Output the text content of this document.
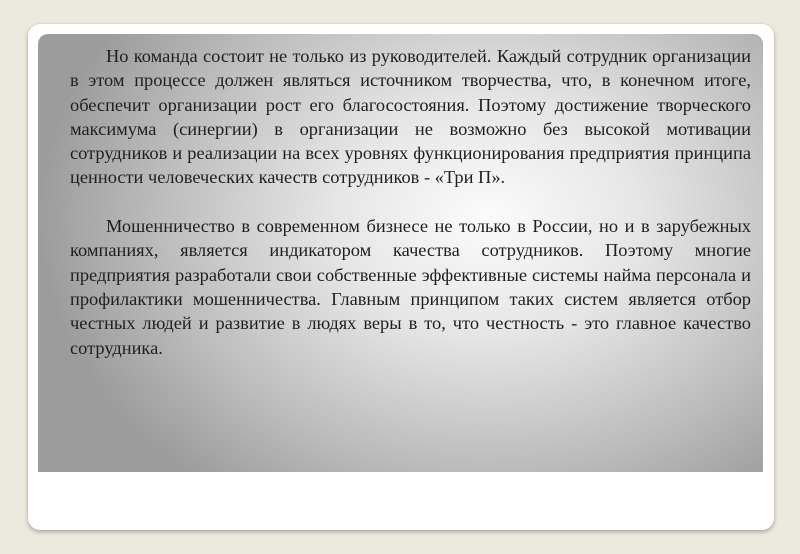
Но команда состоит не только из руководителей. Каждый сотрудник организации в этом процессе должен являться источником творчества, что, в конечном итоге, обеспечит организации рост его благосостояния. Поэтому достижение творческого максимума (синергии) в организации не возможно без высокой мотивации сотрудников и реализации на всех уровнях функционирования предприятия принципа ценности человеческих качеств сотрудников - «Три П».

Мошенничество в современном бизнесе не только в России, но и в зарубежных компаниях, является индикатором качества сотрудников. Поэтому многие предприятия разработали свои собственные эффективные системы найма персонала и профилактики мошенничества. Главным принципом таких систем является отбор честных людей и развитие в людях веры в то, что честность - это главное качество сотрудника.
